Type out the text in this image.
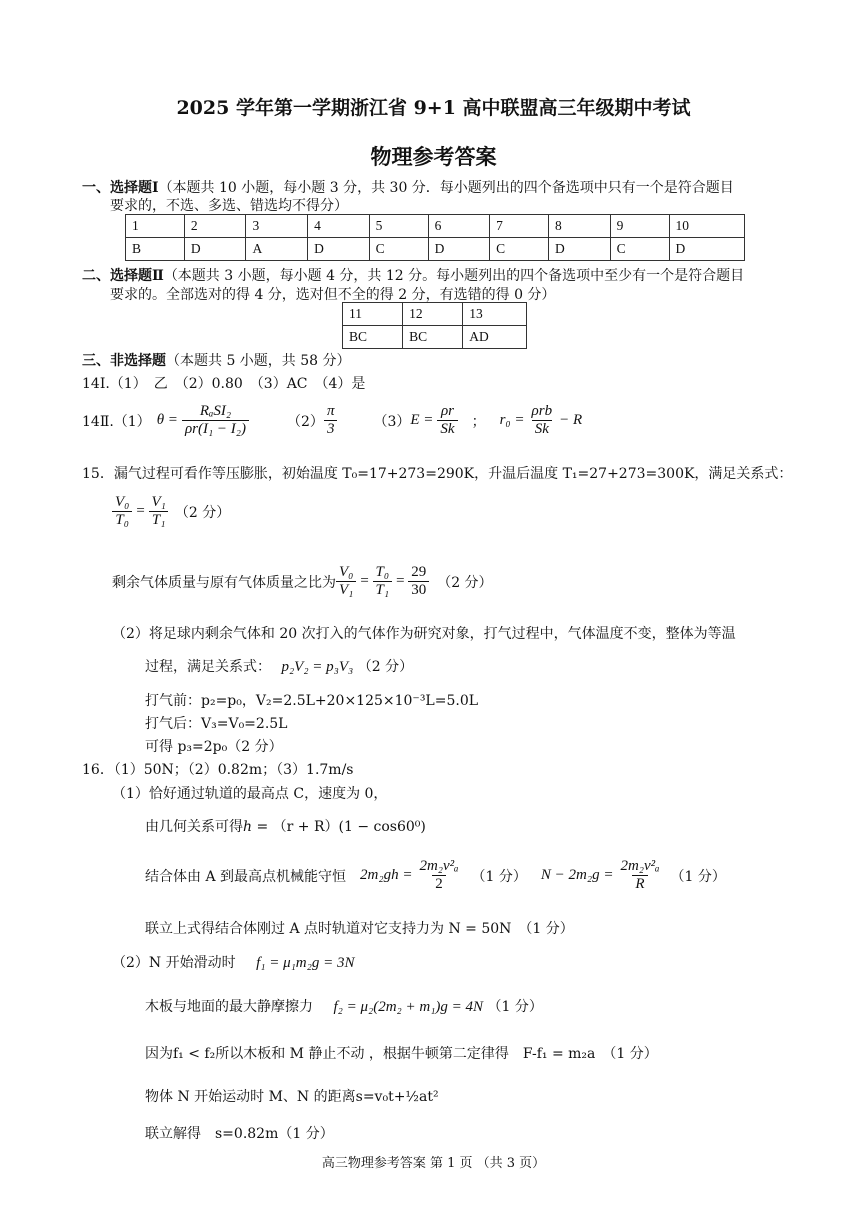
2025 学年第一学期浙江省 9+1 高中联盟高三年级期中考试
物理参考答案
一、选择题Ⅰ（本题共 10 小题，每小题 3 分，共 30 分．每小题列出的四个备选项中只有一个是符合题目
要求的，不选、多选、错选均不得分）
1	2	3	4	5	6	7	8	9	10
B	D	A	D	C	D	C	D	C	D
二、选择题Ⅱ（本题共 3 小题，每小题 4 分，共 12 分。每小题列出的四个备选项中至少有一个是符合题目
要求的。全部选对的得 4 分，选对但不全的得 2 分，有选错的得 0 分）
11	12	13
BC	BC	AD
三、非选择题（本题共 5 小题，共 58 分）
14Ⅰ.（1）　乙　（2）0.80　（3）AC　（4）是
14Ⅱ.（1） $\theta = \frac{\text{RₐSI₂}}{\text{ρr(I₁ − I₂)}}$	$(2) \frac{\pi}{3}$	（3） $E = \frac{\rho r}{Sk}$ ； $r_0 = \frac{\text{ρrb}}{Sk} - R$
15．漏气过程可看作等压膨胀，初始温度 T₀=17+273=290K，升温后温度 T₁=27+273=300K，满足关系式：
$\frac{\text{V₀}}{\text{T₀}} = \frac{\text{V₁}}{\text{T₁}} (2$ 分）
剩余气体质量与原有气体质量之比为 $\frac{\text{V₀}}{\text{V₁}} = \frac{\text{T₀}}{\text{T₁}} = \frac{29}{30} (2$ 分）
（2）将足球内剩余气体和 20 次打入的气体作为研究对象，打气过程中，气体温度不变，整体为等温
过程，满足关系式： p₂V₂ = p₃V₃ （2 分）
打气前：p₂=p₀，V₂=2.5L+20×125×10⁻³L=5.0L
打气后：V₃=V₀=2.5L
可得 p₃=2p₀（2 分）
16．（1）50N；（2）0.82m；（3）1.7m/s
（1）恰好通过轨道的最高点 C，速度为 0，
由几何关系可得ℎ = （r + R）(1 − cos60⁰)
结合体由 A 到最高点机械能守恒 $2m_2gh = \frac{\text{2m₂v²ₐ}}{2} (1$ 分） $N - 2m_2g = \frac{\text{2m₂v²ₐ}}{R} (1$ 分）
联立上式得结合体刚过 A 点时轨道对它支持力为 N = 50N　（1 分）
（2）N 开始滑动时 f₁ = μ₁m₂g = 3N
木板与地面的最大静摩擦力 f₂ = μ₂(2m₂ + m₁)g = 4N （1 分）
因为f₁ < f₂所以木板和 M 静止不动 ，根据牛顿第二定律得　F-f₁ = m₂a　（1 分）
物体 N 开始运动时 M、N 的距离s=v₀t+½at²
联立解得　s=0.82m（1 分）
高三物理参考答案 第 1 页 （共 3 页）
